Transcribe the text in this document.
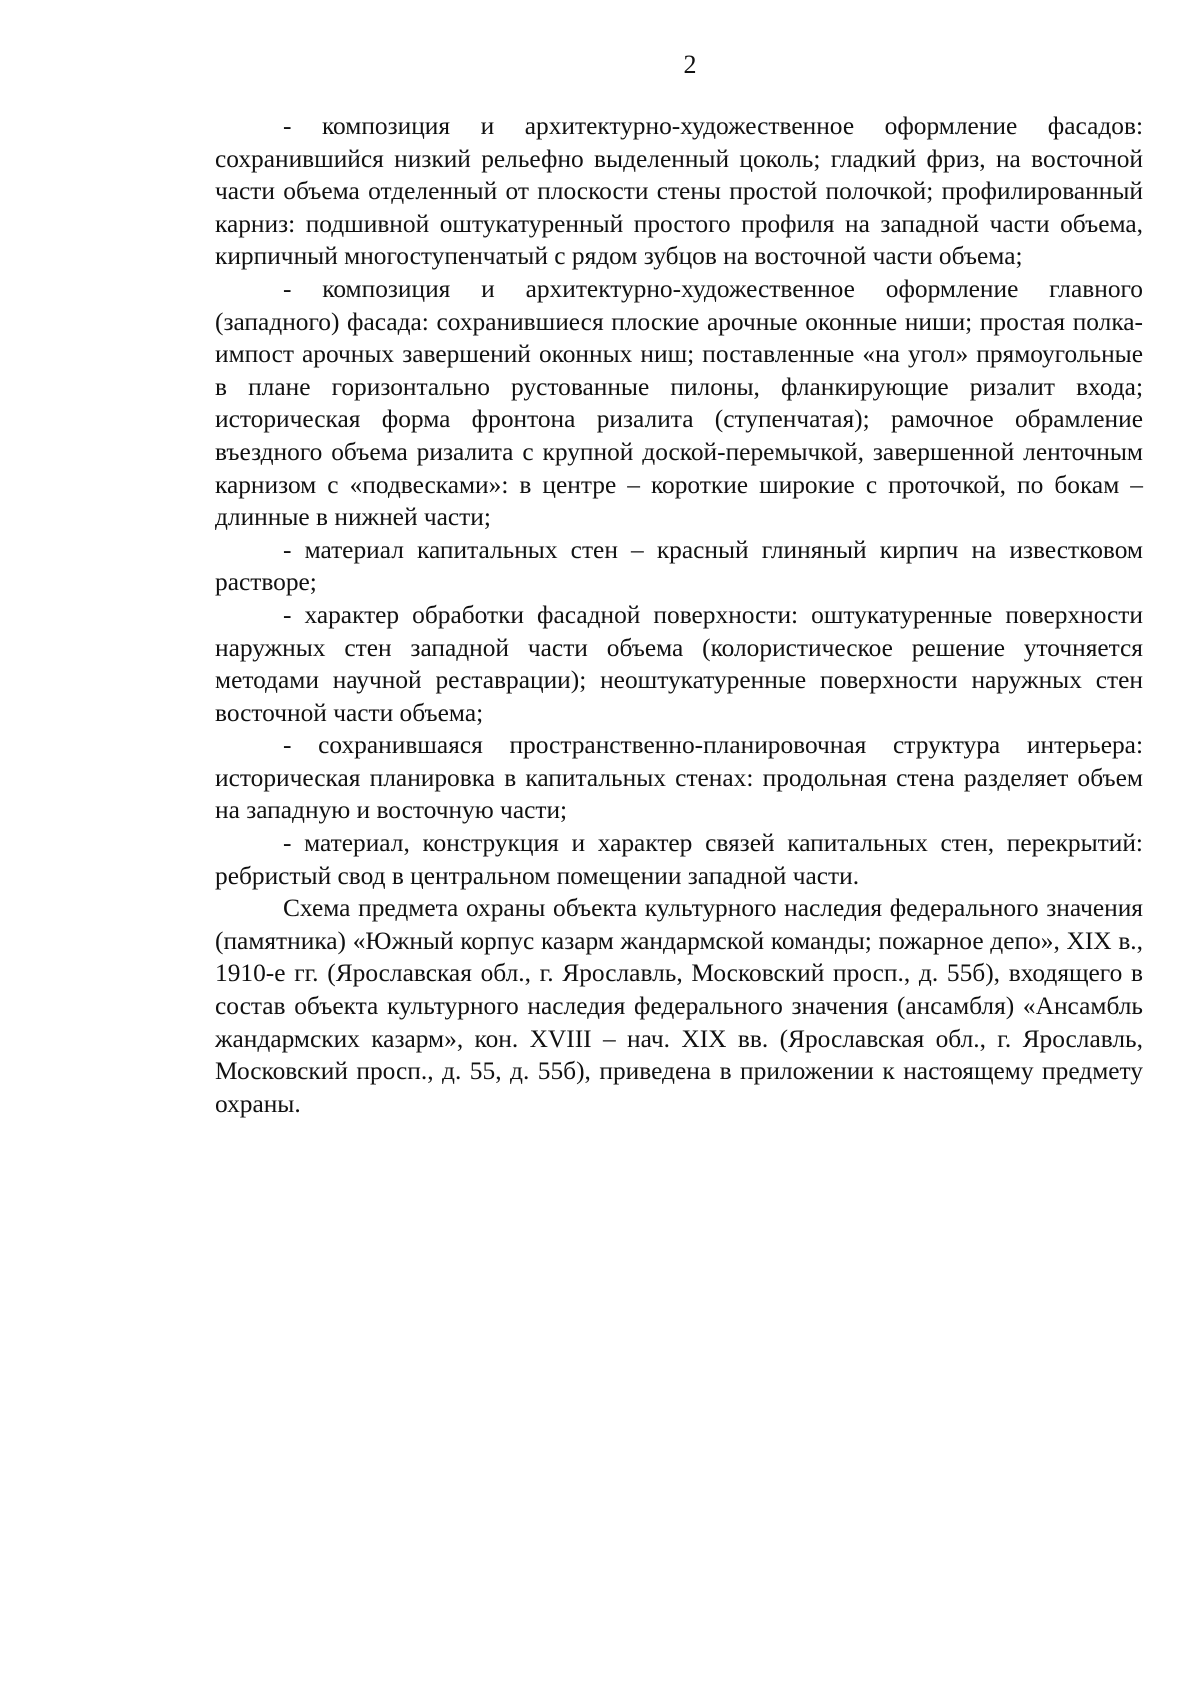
2

- композиция и архитектурно-художественное оформление фасадов: сохранившийся низкий рельефно выделенный цоколь; гладкий фриз, на восточной части объема отделенный от плоскости стены простой полочкой; профилированный карниз: подшивной оштукатуренный простого профиля на западной части объема, кирпичный многоступенчатый с рядом зубцов на восточной части объема;

- композиция и архитектурно-художественное оформление главного (западного) фасада: сохранившиеся плоские арочные оконные ниши; простая полка-импост арочных завершений оконных ниш; поставленные «на угол» прямоугольные в плане горизонтально рустованные пилоны, фланкирующие ризалит входа; историческая форма фронтона ризалита (ступенчатая); рамочное обрамление въездного объема ризалита с крупной доской-перемычкой, завершенной ленточным карнизом с «подвесками»: в центре – короткие широкие с проточкой, по бокам – длинные в нижней части;

- материал капитальных стен – красный глиняный кирпич на известковом растворе;

- характер обработки фасадной поверхности: оштукатуренные поверхности наружных стен западной части объема (колористическое решение уточняется методами научной реставрации); неоштукатуренные поверхности наружных стен восточной части объема;

- сохранившаяся пространственно-планировочная структура интерьера: историческая планировка в капитальных стенах: продольная стена разделяет объем на западную и восточную части;

- материал, конструкция и характер связей капитальных стен, перекрытий: ребристый свод в центральном помещении западной части.

Схема предмета охраны объекта культурного наследия федерального значения (памятника) «Южный корпус казарм жандармской команды; пожарное депо», XIX в., 1910-е гг. (Ярославская обл., г. Ярославль, Московский просп., д. 55б), входящего в состав объекта культурного наследия федерального значения (ансамбля) «Ансамбль жандармских казарм», кон. XVIII – нач. XIX вв. (Ярославская обл., г. Ярославль, Московский просп., д. 55, д. 55б), приведена в приложении к настоящему предмету охраны.
